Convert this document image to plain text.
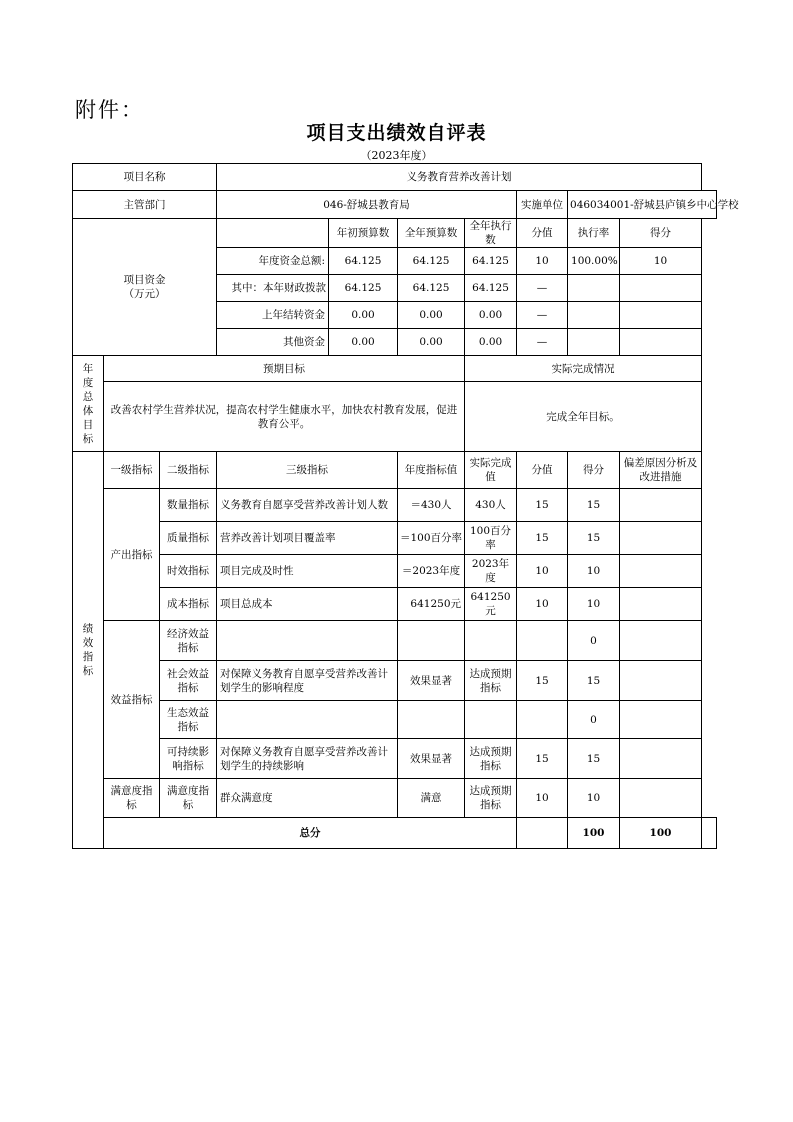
附件：
项目支出绩效自评表
（2023年度）
项目名称			义务教育营养改善计划							
主管部门			046-舒城县教育局				实施单位	046034001-舒城县庐镇乡中心学校		
项目资金
（万元）				年初预算数	全年预算数	全年执行数	分值	执行率	得分	
			年度资金总额:	64.125	64.125	64.125	10	100.00%	10	
			其中：本年财政拨款	64.125	64.125	64.125	—			
			上年结转资金	0.00	0.00	0.00	—			
			其他资金	0.00	0.00	0.00	—			

年度总体目标	预期目标					实际完成情况				
	改善农村学生营养状况，提高农村学生健康水平，加快农村教育发展，促进教育公平。					完成全年目标。				

绩效指标	一级指标	二级指标	三级指标		年度指标值	实际完成值	分值	得分	偏差原因分析及改进措施	
	产出指标	数量指标	义务教育自愿享受营养改善计划人数		＝430人	430人	15	15		
		质量指标	营养改善计划项目覆盖率		＝100百分率	100百分率	15	15		
		时效指标	项目完成及时性		＝2023年度	2023年度	10	10		
		成本指标	项目总成本		641250元	641250元	10	10		
	效益指标	经济效益指标						0		
		社会效益指标	对保障义务教育自愿享受营养改善计划学生的影响程度		效果显著	达成预期指标	15	15		
		生态效益指标						0		
		可持续影响指标	对保障义务教育自愿享受营养改善计划学生的持续影响		效果显著	达成预期指标	15	15		
	满意度指标	满意度指标	群众满意度		满意	达成预期指标	10	10		
	总分							100	100	
